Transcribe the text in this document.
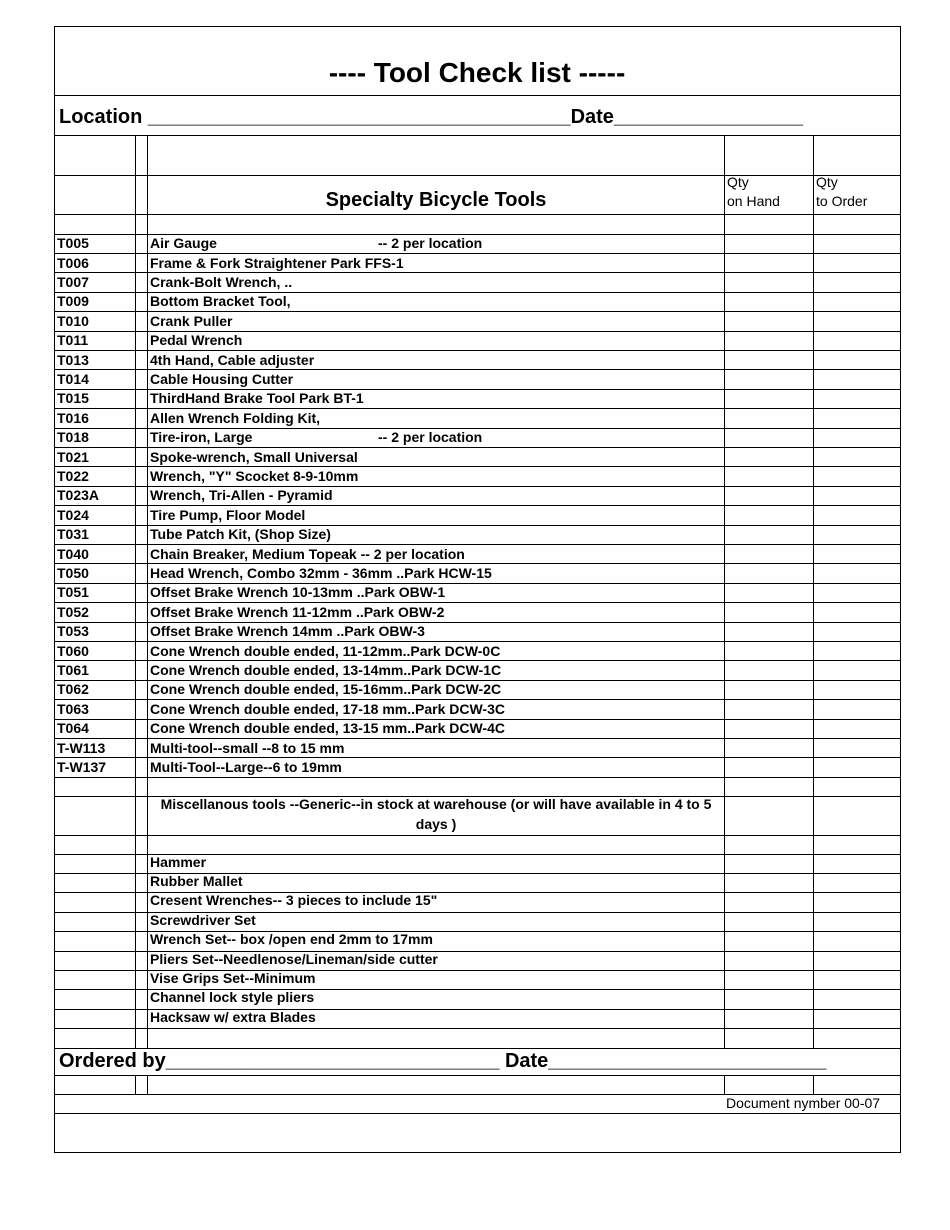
---- Tool Check list -----
Location ______________________________________Date_________________
Specialty Bicycle Tools
Qty
on Hand
Qty
to Order
Miscellanous tools --Generic--in stock at warehouse (or will have available in 4 to 5 days )
Ordered by______________________________ Date_________________________
Document nymber 00-07
T005	Air Gauge	-- 2 per location
T006	Frame & Fork Straightener Park FFS-1
T007	Crank-Bolt Wrench, ..
T009	Bottom Bracket Tool,
T010	Crank Puller
T011	Pedal Wrench
T013	4th Hand, Cable adjuster
T014	Cable Housing Cutter
T015	ThirdHand Brake Tool Park BT-1
T016	Allen Wrench Folding Kit,
T018	Tire-iron, Large	-- 2 per location
T021	Spoke-wrench, Small Universal
T022	Wrench, "Y" Scocket 8-9-10mm
T023A	Wrench, Tri-Allen - Pyramid
T024	Tire Pump, Floor Model
T031	Tube Patch Kit, (Shop Size)
T040	Chain Breaker, Medium Topeak -- 2 per location
T050	Head Wrench, Combo 32mm - 36mm ..Park HCW-15
T051	Offset Brake Wrench 10-13mm ..Park OBW-1
T052	Offset Brake Wrench 11-12mm ..Park OBW-2
T053	Offset Brake Wrench 14mm ..Park OBW-3
T060	Cone Wrench double ended, 11-12mm..Park DCW-0C
T061	Cone Wrench double ended, 13-14mm..Park DCW-1C
T062	Cone Wrench double ended, 15-16mm..Park DCW-2C
T063	Cone Wrench double ended, 17-18 mm..Park DCW-3C
T064	Cone Wrench double ended, 13-15 mm..Park DCW-4C
T-W113	Multi-tool--small --8 to 15 mm
T-W137	Multi-Tool--Large--6 to 19mm
Hammer
Rubber Mallet
Cresent Wrenches-- 3 pieces to include 15"
Screwdriver Set
Wrench Set-- box /open end 2mm to 17mm
Pliers Set--Needlenose/Lineman/side cutter
Vise Grips Set--Minimum
Channel lock style pliers
Hacksaw w/ extra Blades
